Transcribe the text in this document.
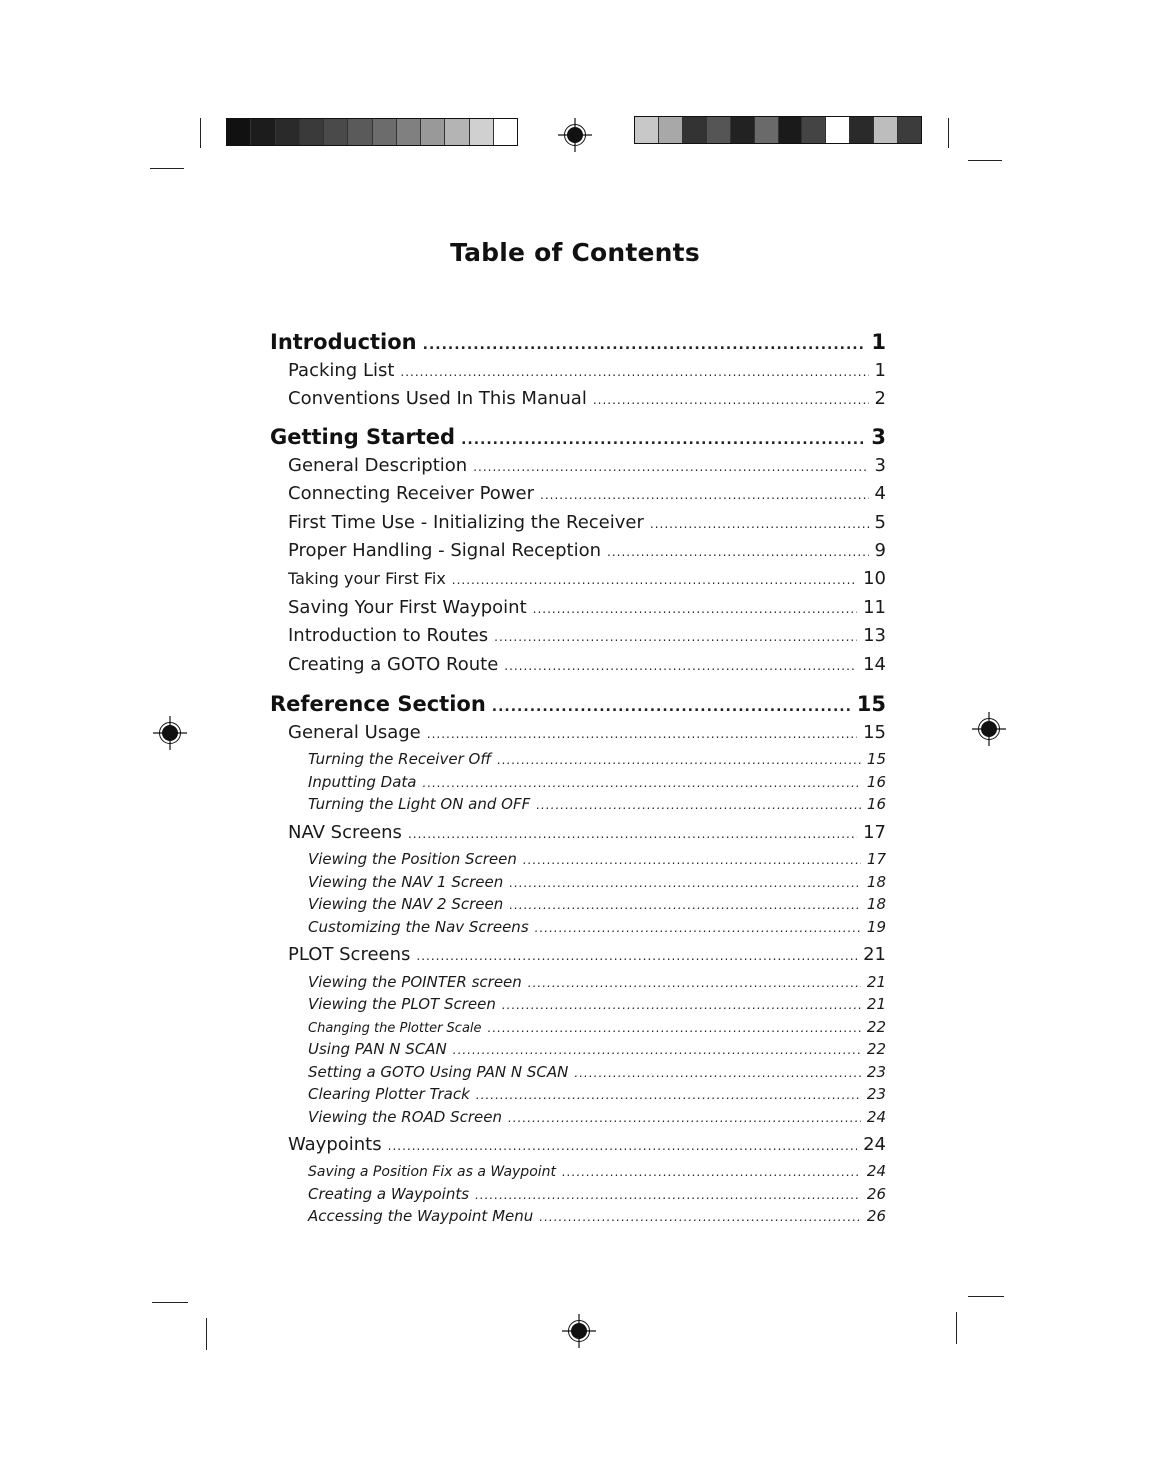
Table of Contents
Introduction .....	1
Packing List .....	1
Conventions Used In This Manual .....	2
Getting Started .....	3
General Description .....	3
Connecting Receiver Power .....	4
First Time Use - Initializing the Receiver .....	5
Proper Handling - Signal Reception .....	9
Taking your First Fix .....	10
Saving Your First Waypoint .....	11
Introduction to Routes .....	13
Creating a GOTO Route .....	14
Reference Section .....	15
General Usage .....	15
Turning the Receiver Off .....	15
Inputting Data .....	16
Turning the Light ON and OFF .....	16
NAV Screens .....	17
Viewing the Position Screen .....	17
Viewing the NAV 1 Screen .....	18
Viewing the NAV 2 Screen .....	18
Customizing the Nav Screens .....	19
PLOT Screens .....	21
Viewing the POINTER screen .....	21
Viewing the PLOT Screen .....	21
Changing the Plotter Scale .....	22
Using PAN N SCAN .....	22
Setting a GOTO Using PAN N SCAN .....	23
Clearing Plotter Track .....	23
Viewing the ROAD Screen .....	24
Waypoints .....	24
Saving a Position Fix as a Waypoint .....	24
Creating a Waypoints .....	26
Accessing the Waypoint Menu .....	26
